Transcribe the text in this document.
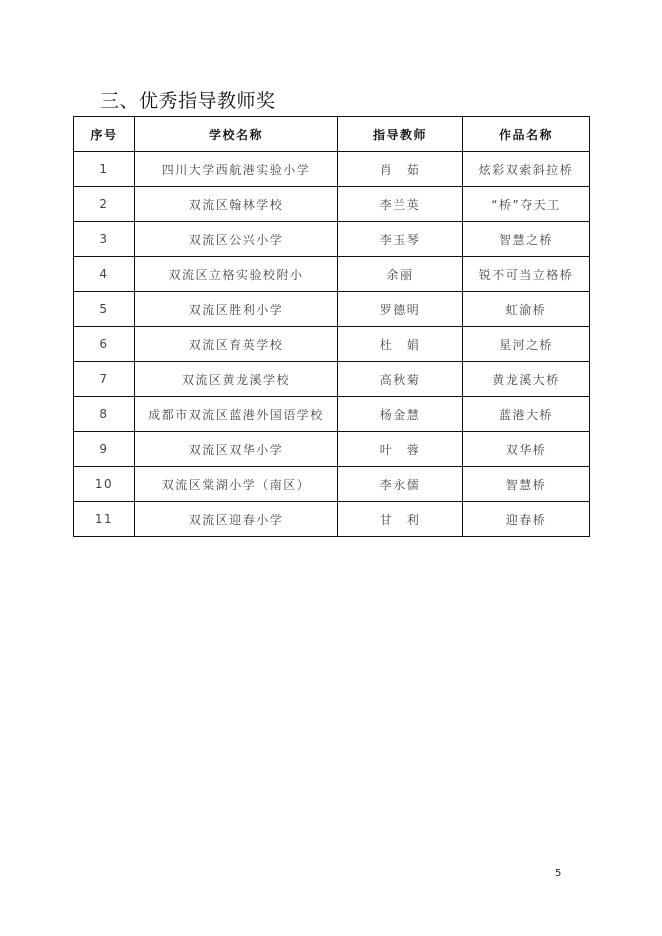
三、优秀指导教师奖
序号	学校名称	指导教师	作品名称
1	四川大学西航港实验小学	肖　茹	炫彩双索斜拉桥
2	双流区翰林学校	李兰英	“桥”夺天工
3	双流区公兴小学	李玉琴	智慧之桥
4	双流区立格实验校附小	余丽	锐不可当立格桥
5	双流区胜利小学	罗德明	虹渝桥
6	双流区育英学校	杜　娟	星河之桥
7	双流区黄龙溪学校	高秋菊	黄龙溪大桥
8	成都市双流区蓝港外国语学校	杨金慧	蓝港大桥
9	双流区双华小学	叶　蓉	双华桥
10	双流区棠湖小学（南区）	李永儒	智慧桥
11	双流区迎春小学	甘　利	迎春桥
5
